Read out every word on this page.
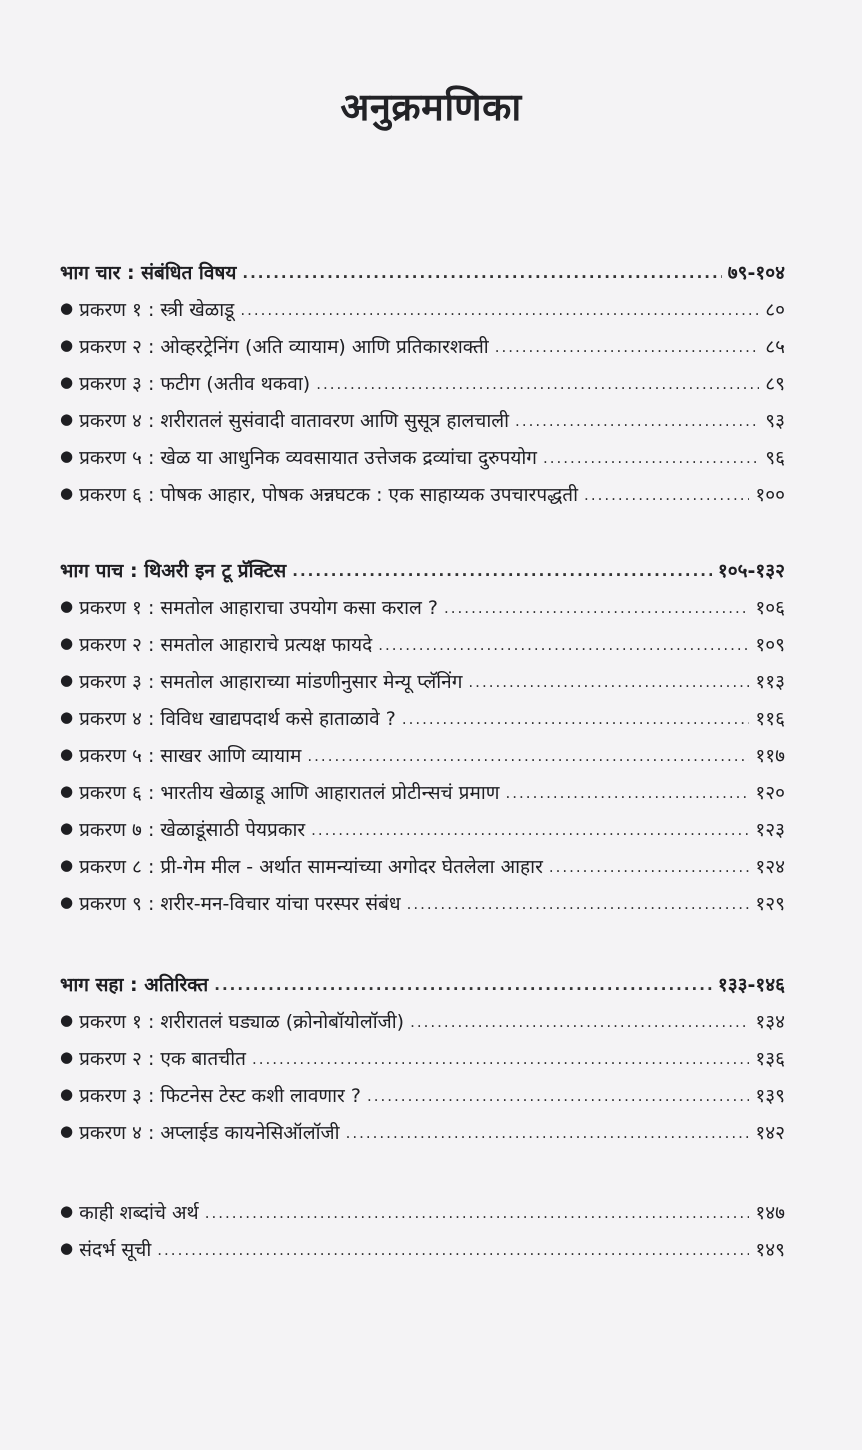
अनुक्रमणिका
भाग चार : संबंधित विषय .....	७९-१०४
● प्रकरण १ : स्त्री खेळाडू .....	८०
● प्रकरण २ : ओव्हरट्रेनिंग (अति व्यायाम) आणि प्रतिकारशक्ती .....	८५
● प्रकरण ३ : फटीग (अतीव थकवा) .....	८९
● प्रकरण ४ : शरीरातलं सुसंवादी वातावरण आणि सुसूत्र हालचाली .....	९३
● प्रकरण ५ : खेळ या आधुनिक व्यवसायात उत्तेजक द्रव्यांचा दुरुपयोग .....	९६
● प्रकरण ६ : पोषक आहार, पोषक अन्नघटक : एक साहाय्यक उपचारपद्धती .....	१००
भाग पाच : थिअरी इन टू प्रॅक्टिस .....	१०५-१३२
● प्रकरण १ : समतोल आहाराचा उपयोग कसा कराल ? .....	१०६
● प्रकरण २ : समतोल आहाराचे प्रत्यक्ष फायदे .....	१०९
● प्रकरण ३ : समतोल आहाराच्या मांडणीनुसार मेन्यू प्लॅनिंग .....	११३
● प्रकरण ४ : विविध खाद्यपदार्थ कसे हाताळावे ? .....	११६
● प्रकरण ५ : साखर आणि व्यायाम .....	११७
● प्रकरण ६ : भारतीय खेळाडू आणि आहारातलं प्रोटीन्सचं प्रमाण .....	१२०
● प्रकरण ७ : खेळाडूंसाठी पेयप्रकार .....	१२३
● प्रकरण ८ : प्री-गेम मील - अर्थात सामन्यांच्या अगोदर घेतलेला आहार .....	१२४
● प्रकरण ९ : शरीर-मन-विचार यांचा परस्पर संबंध .....	१२९
भाग सहा : अतिरिक्त .....	१३३-१४६
● प्रकरण १ : शरीरातलं घड्याळ (क्रोनोबॉयोलॉजी) .....	१३४
● प्रकरण २ : एक बातचीत .....	१३६
● प्रकरण ३ : फिटनेस टेस्ट कशी लावणार ? .....	१३९
● प्रकरण ४ : अप्लाईड कायनेसिऑलॉजी .....	१४२
● काही शब्दांचे अर्थ .....	१४७
● संदर्भ सूची .....	१४९
